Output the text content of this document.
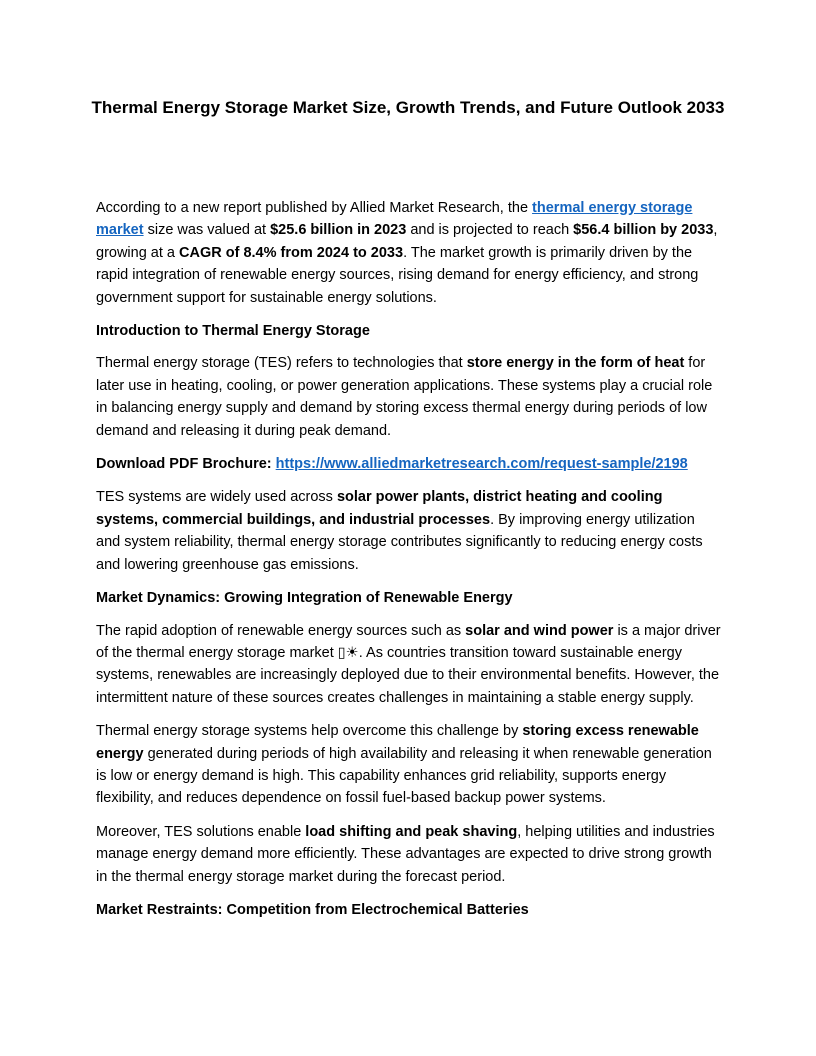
Thermal Energy Storage Market Size, Growth Trends, and Future Outlook 2033

According to a new report published by Allied Market Research, the thermal energy storage market size was valued at $25.6 billion in 2023 and is projected to reach $56.4 billion by 2033, growing at a CAGR of 8.4% from 2024 to 2033. The market growth is primarily driven by the rapid integration of renewable energy sources, rising demand for energy efficiency, and strong government support for sustainable energy solutions.

Introduction to Thermal Energy Storage

Thermal energy storage (TES) refers to technologies that store energy in the form of heat for later use in heating, cooling, or power generation applications. These systems play a crucial role in balancing energy supply and demand by storing excess thermal energy during periods of low demand and releasing it during peak demand.

Download PDF Brochure: https://www.alliedmarketresearch.com/request-sample/2198

TES systems are widely used across solar power plants, district heating and cooling systems, commercial buildings, and industrial processes. By improving energy utilization and system reliability, thermal energy storage contributes significantly to reducing energy costs and lowering greenhouse gas emissions.

Market Dynamics: Growing Integration of Renewable Energy

The rapid adoption of renewable energy sources such as solar and wind power is a major driver of the thermal energy storage market ▯☀. As countries transition toward sustainable energy systems, renewables are increasingly deployed due to their environmental benefits. However, the intermittent nature of these sources creates challenges in maintaining a stable energy supply.

Thermal energy storage systems help overcome this challenge by storing excess renewable energy generated during periods of high availability and releasing it when renewable generation is low or energy demand is high. This capability enhances grid reliability, supports energy flexibility, and reduces dependence on fossil fuel-based backup power systems.

Moreover, TES solutions enable load shifting and peak shaving, helping utilities and industries manage energy demand more efficiently. These advantages are expected to drive strong growth in the thermal energy storage market during the forecast period.

Market Restraints: Competition from Electrochemical Batteries
